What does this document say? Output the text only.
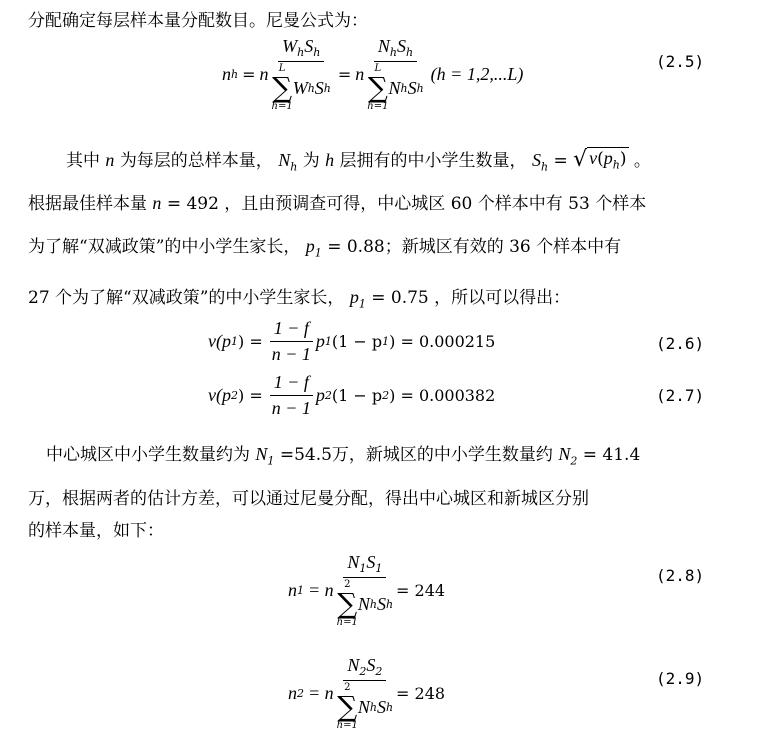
分配确定每层样本量分配数目。尼曼公式为：
n h = n $W_hS_h$
L
∑
h=1
W h S h = n $N_hS_h$
L
∑
h=1
N h S h (h = 1,2,...L)
(2.5)
其中 n 为每层的总样本量， $N_h$ 为 h 层拥有的中小学生数量， $S_h$ = √ $v(p_h)$ 。
根据最佳样本量 n = 492 ，且由预调查可得，中心城区 60 个样本中有 53 个样本
为了解“双减政策”的中小学生家长， $p_1 = 0.88$；新城区有效的 36 个样本中有
27 个为了解“双减政策”的中小学生家长， $p_1 = 0.75$ ，所以可以得出：
v(p 1 ) = $\frac{1 - f}{n - 1}$ p 1 (1 − p 1 ) = 0.000215	(2.6)
v(p 2 ) = $\frac{1 - f}{n - 1}$ p 2 (1 − p 2 ) = 0.000382	(2.7)
中心城区中小学生数量约为 $N_1 =54.5$万，新城区的中小学生数量约 $N_2 = 41.4$
万，根据两者的估计方差，可以通过尼曼分配，得出中心城区和新城区分别
的样本量，如下：
n 1 = n $N_1S_1$
2
∑
h=1
N h S h = 244
(2.8)
n 2 = n $N_2S_2$
2
∑
h=1
N h S h = 248
(2.9)
